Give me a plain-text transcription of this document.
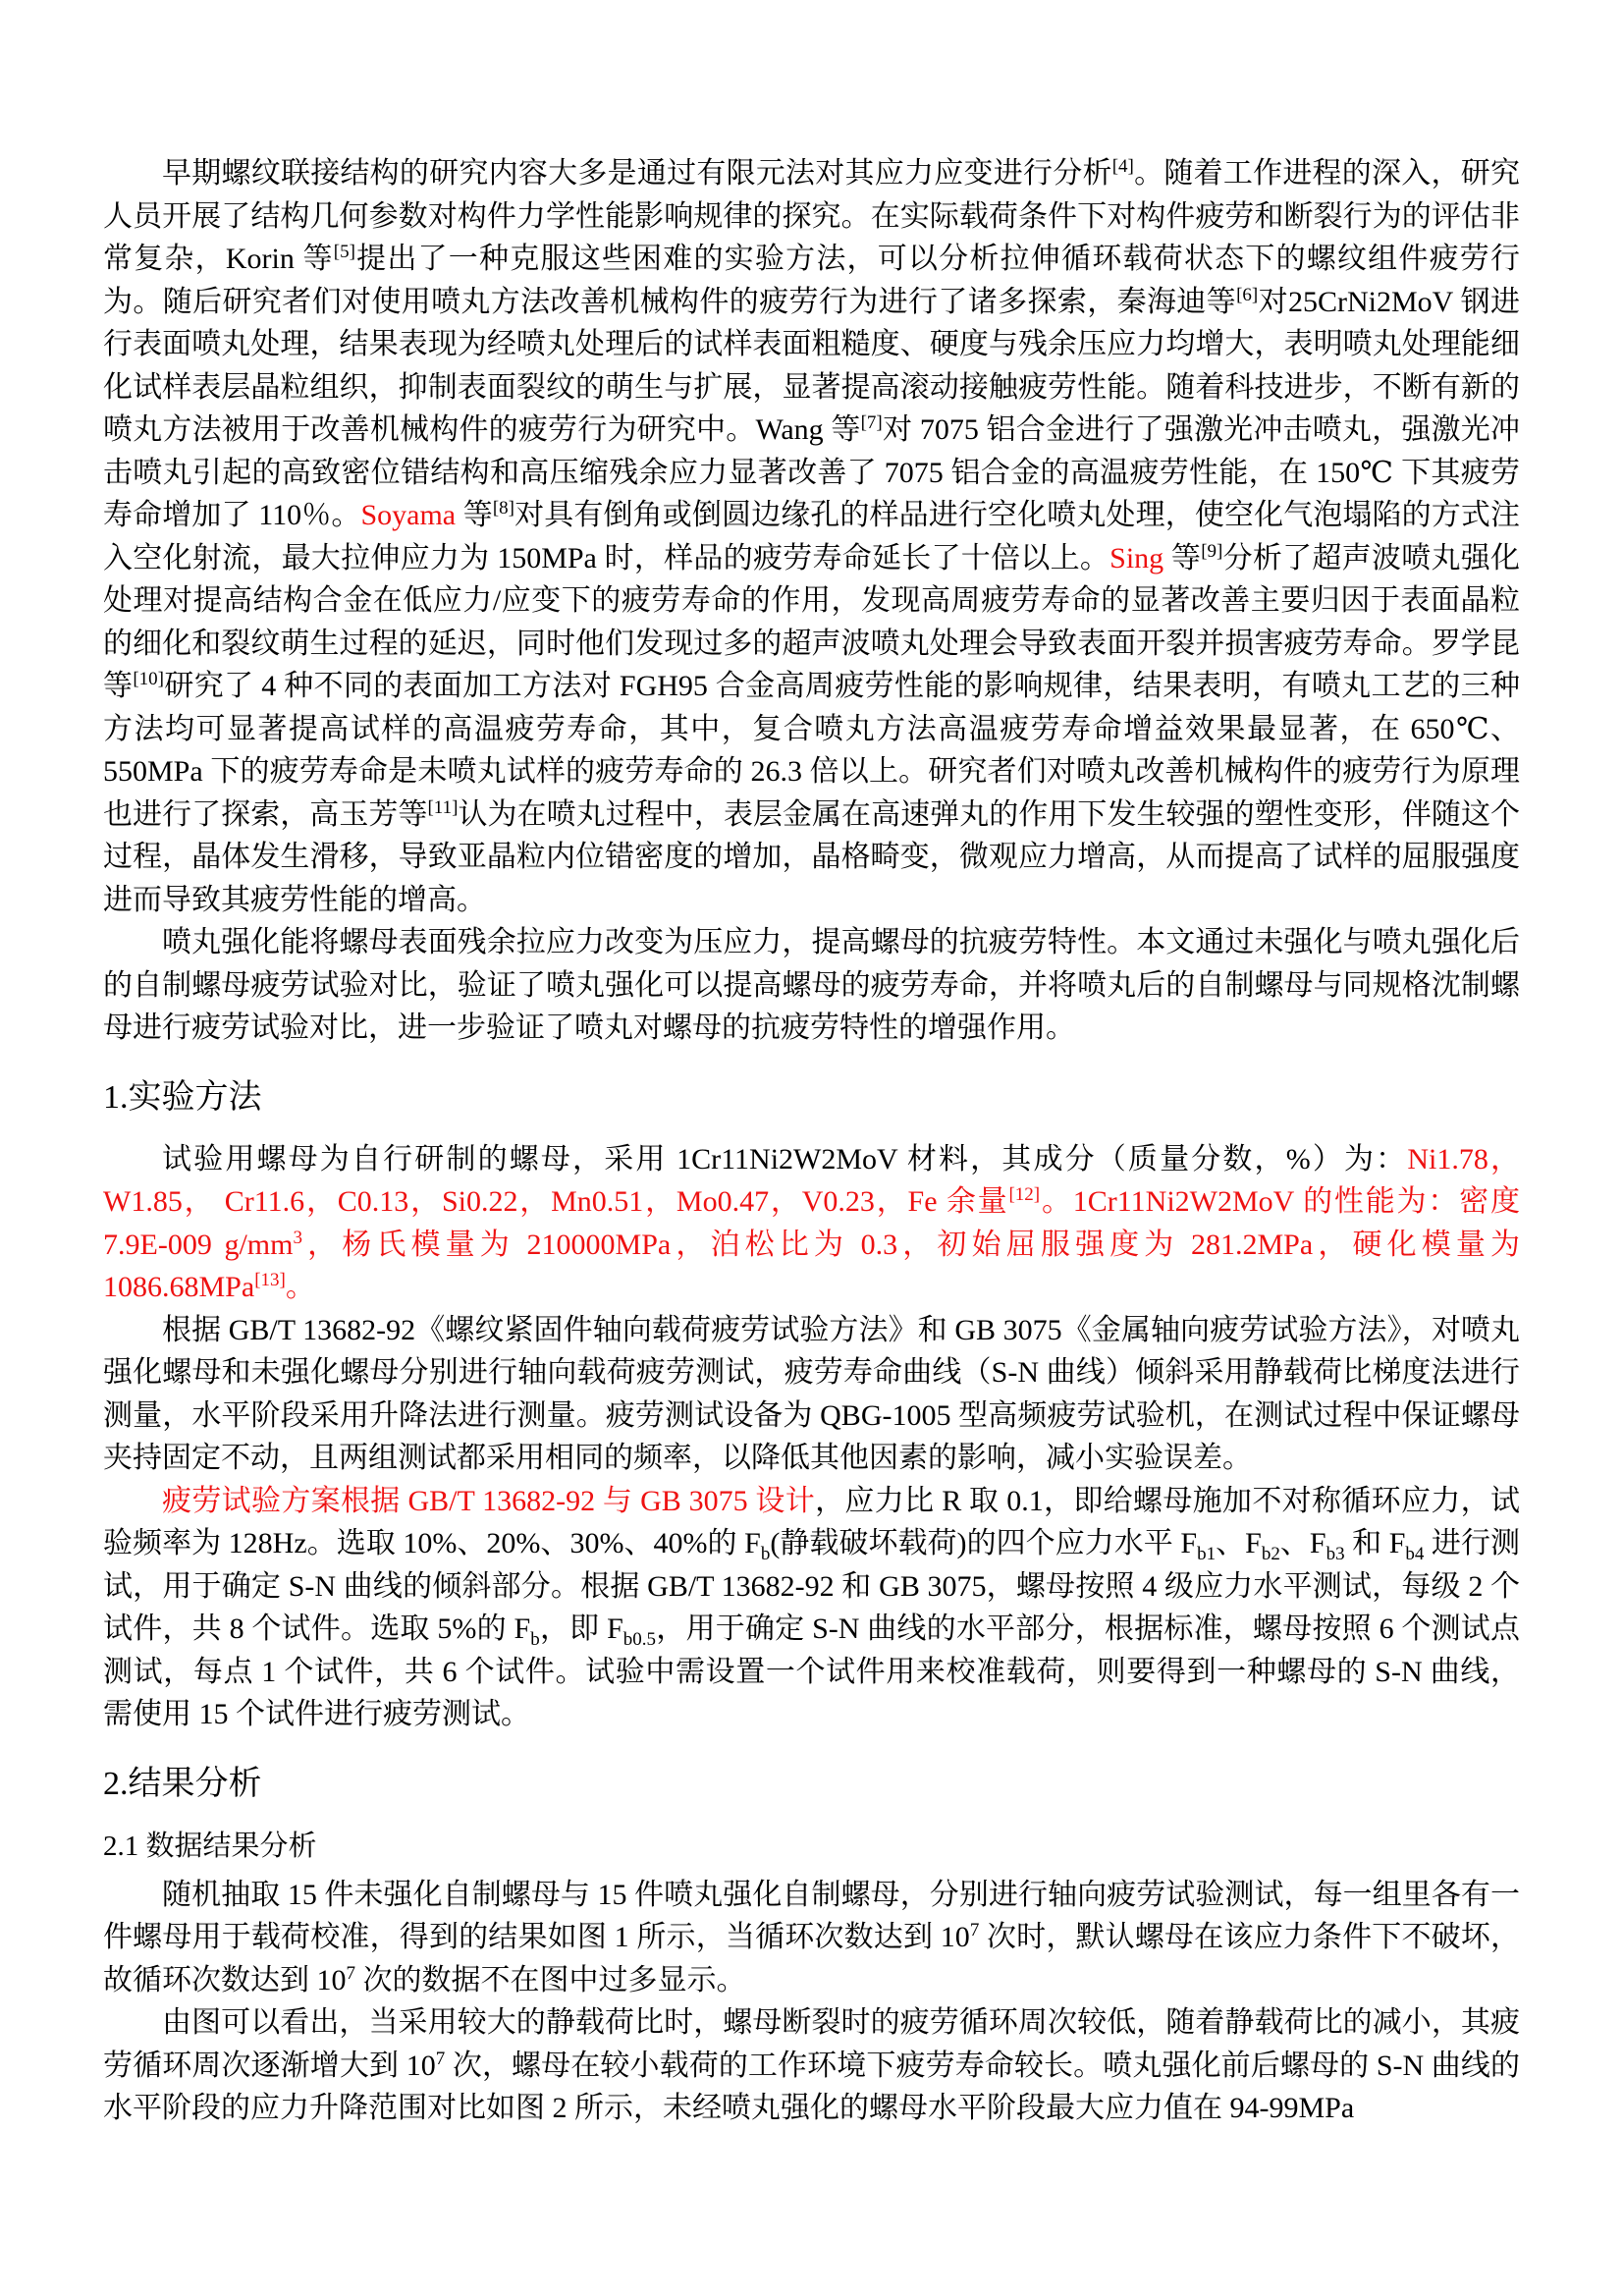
早期螺纹联接结构的研究内容大多是通过有限元法对其应力应变进行分析[4]。随着工作进程的深入，研究人员开展了结构几何参数对构件力学性能影响规律的探究。在实际载荷条件下对构件疲劳和断裂行为的评估非常复杂，Korin 等[5]提出了一种克服这些困难的实验方法，可以分析拉伸循环载荷状态下的螺纹组件疲劳行为。随后研究者们对使用喷丸方法改善机械构件的疲劳行为进行了诸多探索，秦海迪等[6]对25CrNi2MoV 钢进行表面喷丸处理，结果表现为经喷丸处理后的试样表面粗糙度、硬度与残余压应力均增大，表明喷丸处理能细化试样表层晶粒组织，抑制表面裂纹的萌生与扩展，显著提高滚动接触疲劳性能。随着科技进步，不断有新的喷丸方法被用于改善机械构件的疲劳行为研究中。Wang 等[7]对 7075 铝合金进行了强激光冲击喷丸，强激光冲击喷丸引起的高致密位错结构和高压缩残余应力显著改善了 7075 铝合金的高温疲劳性能，在 150℃ 下其疲劳寿命增加了 110％。Soyama 等[8]对具有倒角或倒圆边缘孔的样品进行空化喷丸处理，使空化气泡塌陷的方式注入空化射流，最大拉伸应力为 150MPa 时，样品的疲劳寿命延长了十倍以上。Sing 等[9]分析了超声波喷丸强化处理对提高结构合金在低应力/应变下的疲劳寿命的作用，发现高周疲劳寿命的显著改善主要归因于表面晶粒的细化和裂纹萌生过程的延迟，同时他们发现过多的超声波喷丸处理会导致表面开裂并损害疲劳寿命。罗学昆等[10]研究了 4 种不同的表面加工方法对 FGH95 合金高周疲劳性能的影响规律，结果表明，有喷丸工艺的三种方法均可显著提高试样的高温疲劳寿命，其中，复合喷丸方法高温疲劳寿命增益效果最显著，在 650℃、550MPa 下的疲劳寿命是未喷丸试样的疲劳寿命的 26.3 倍以上。研究者们对喷丸改善机械构件的疲劳行为原理也进行了探索，高玉芳等[11]认为在喷丸过程中，表层金属在高速弹丸的作用下发生较强的塑性变形，伴随这个过程，晶体发生滑移，导致亚晶粒内位错密度的增加，晶格畸变，微观应力增高，从而提高了试样的屈服强度进而导致其疲劳性能的增高。

喷丸强化能将螺母表面残余拉应力改变为压应力，提高螺母的抗疲劳特性。本文通过未强化与喷丸强化后的自制螺母疲劳试验对比，验证了喷丸强化可以提高螺母的疲劳寿命，并将喷丸后的自制螺母与同规格沈制螺母进行疲劳试验对比，进一步验证了喷丸对螺母的抗疲劳特性的增强作用。

1.实验方法

试验用螺母为自行研制的螺母，采用 1Cr11Ni2W2MoV 材料，其成分（质量分数，%）为：Ni1.78，W1.85， Cr11.6，C0.13，Si0.22，Mn0.51，Mo0.47，V0.23，Fe 余量[12]。1Cr11Ni2W2MoV 的性能为：密度 7.9E-009 $g/mm^3$，杨氏模量为 210000MPa，泊松比为 0.3，初始屈服强度为 281.2MPa，硬化模量为 1086.68MPa[13]。

根据 GB/T 13682-92《螺纹紧固件轴向载荷疲劳试验方法》和 GB 3075《金属轴向疲劳试验方法》，对喷丸强化螺母和未强化螺母分别进行轴向载荷疲劳测试，疲劳寿命曲线（S-N 曲线）倾斜采用静载荷比梯度法进行测量，水平阶段采用升降法进行测量。疲劳测试设备为 QBG-1005 型高频疲劳试验机，在测试过程中保证螺母夹持固定不动，且两组测试都采用相同的频率，以降低其他因素的影响，减小实验误差。

疲劳试验方案根据 GB/T 13682-92 与 GB 3075 设计，应力比 R 取 0.1，即给螺母施加不对称循环应力，试验频率为 128Hz。选取 10%、20%、30%、40%的 $F_b$(静载破坏载荷)的四个应力水平 $F_{b1}$、$F_{b2}$、$F_{b3}$ 和 $F_{b4}$ 进行测试，用于确定 S-N 曲线的倾斜部分。根据 GB/T 13682-92 和 GB 3075，螺母按照 4 级应力水平测试，每级 2 个试件，共 8 个试件。选取 5%的 $F_b$，即 $F_{b0.5}$，用于确定 S-N 曲线的水平部分，根据标准，螺母按照 6 个测试点测试，每点 1 个试件，共 6 个试件。试验中需设置一个试件用来校准载荷，则要得到一种螺母的 S-N 曲线，需使用 15 个试件进行疲劳测试。

2.结果分析
2.1 数据结果分析

随机抽取 15 件未强化自制螺母与 15 件喷丸强化自制螺母，分别进行轴向疲劳试验测试，每一组里各有一件螺母用于载荷校准，得到的结果如图 1 所示，当循环次数达到 $10^7$ 次时，默认螺母在该应力条件下不破坏，故循环次数达到 $10^7$ 次的数据不在图中过多显示。

由图可以看出，当采用较大的静载荷比时，螺母断裂时的疲劳循环周次较低，随着静载荷比的减小，其疲劳循环周次逐渐增大到 $10^7$ 次，螺母在较小载荷的工作环境下疲劳寿命较长。喷丸强化前后螺母的 S-N 曲线的水平阶段的应力升降范围对比如图 2 所示，未经喷丸强化的螺母水平阶段最大应力值在 94-99MPa
